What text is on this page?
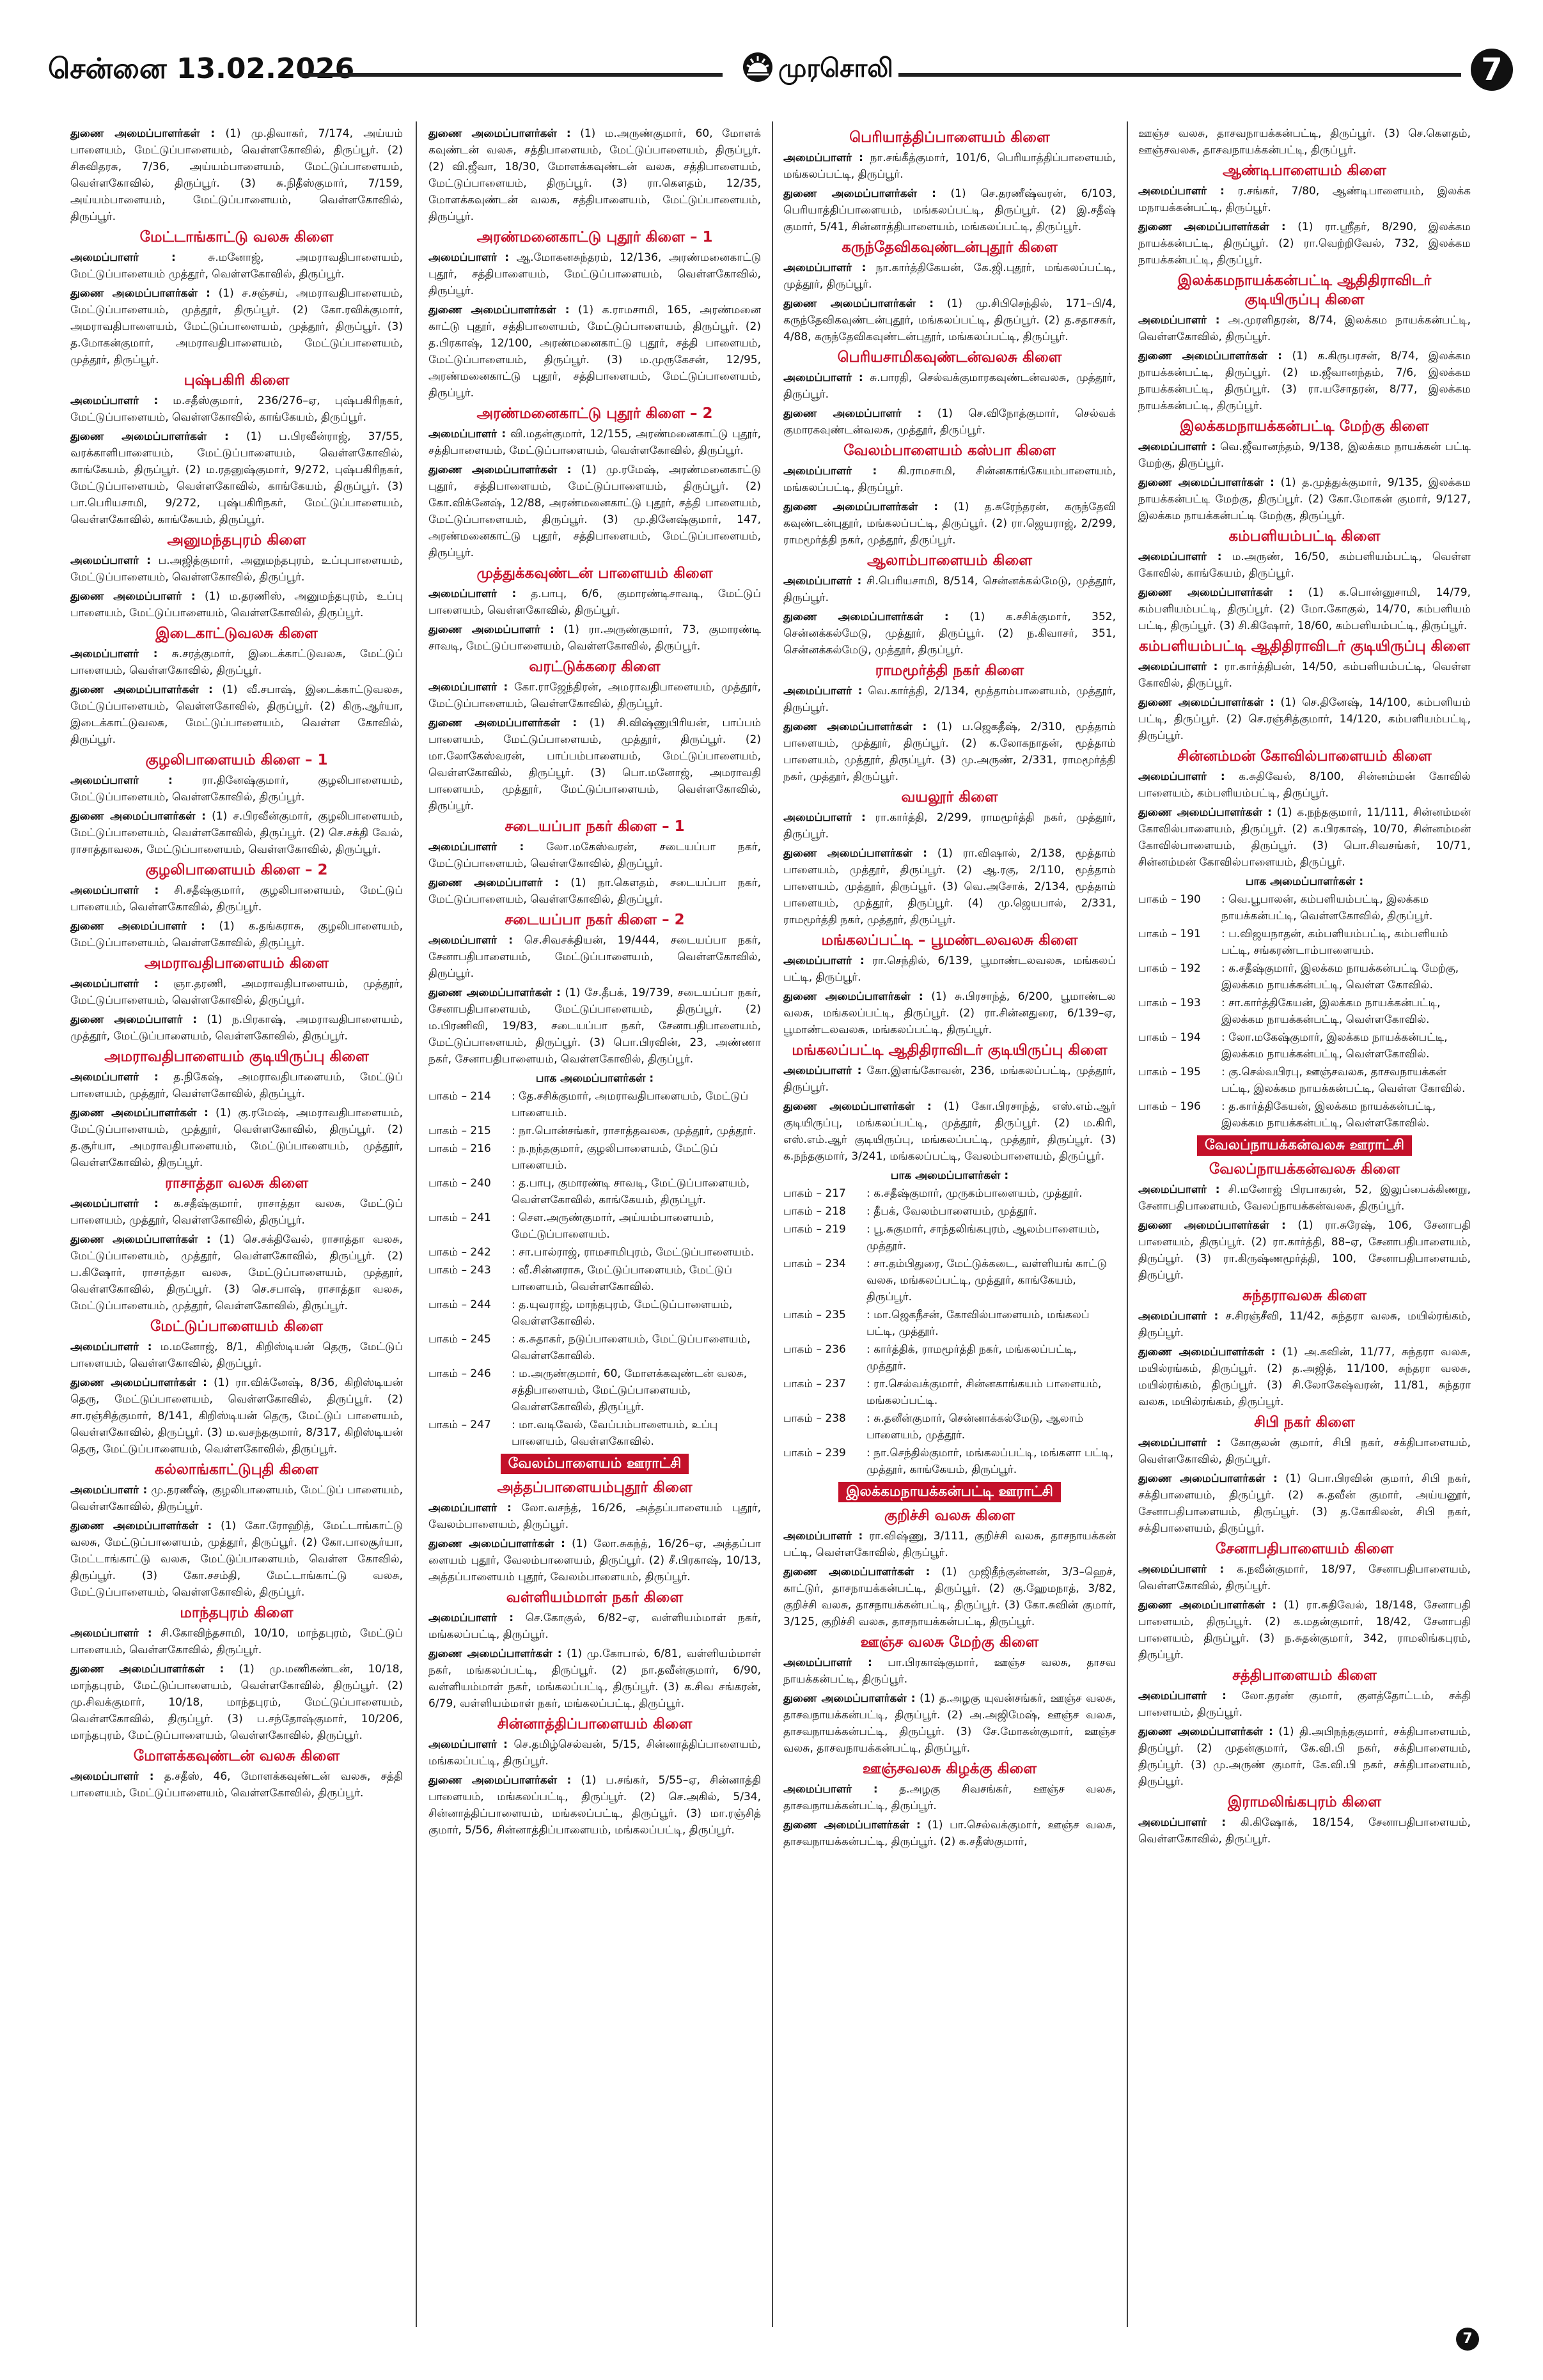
சென்னை 13.02.2026	முரசொலி	7

துணை அமைப்பாளர்கள் : (1) மு.திவாகர், 7/174, அய்யம் பாளையம், மேட்டுப்பாளையம், வெள்ளகோவில், திருப்பூர். (2) சிசுவிதரசு, 7/36, அய்யம்பாளையம், மேட்டுப்பாளையம், வெள்ளகோவில், திருப்பூர். (3) சு.நிதீஸ்குமார், 7/159, அய்யம்பாளையம், மேட்டுப்பாளையம், வெள்ளகோவில், திருப்பூர்.

மேட்டாங்காட்டு வலசு கிளை

அமைப்பாளர் :	சு.மனோஜ், அமராவதிபாளையம், மேட்டுப்பாளையம் முத்தூர், வெள்ளகோவில், திருப்பூர்.

துணை அமைப்பாளர்கள் : (1) ச.சஞ்சய், அமராவதிபாளையம், மேட்டுப்பாளையம், முத்தூர், திருப்பூர். (2) கோ.ரவிக்குமார், அமராவதிபாளையம், மேட்டுப்பாளையம், முத்தூர், திருப்பூர். (3) த.மோகன்குமார், அமராவதிபாளையம், மேட்டுப்பாளையம், முத்தூர், திருப்பூர்.

புஷ்பகிரி கிளை

அமைப்பாளர் : ம.சதீஸ்குமார், 236/276–ஏ, புஷ்பகிரிநகர், மேட்டுப்பாளையம், வெள்ளகோவில், காங்கேயம், திருப்பூர்.

துணை அமைப்பாளர்கள் : (1) ப.பிரவீன்ராஜ், 37/55, வரக்காளிபாளையம், மேட்டுப்பாளையம், வெள்ளகோவில், காங்கேயம், திருப்பூர். (2) ம.ரதனுஷ்குமார், 9/272, புஷ்பகிரிநகர், மேட்டுப்பாளையம், வெள்ளகோவில், காங்கேயம், திருப்பூர். (3) பா.பெரியசாமி, 9/272, புஷ்பகிரிநகர், மேட்டுப்பாளையம், வெள்ளகோவில், காங்கேயம், திருப்பூர்.

அனுமந்தபுரம் கிளை

அமைப்பாளர் : ப.அஜித்குமார், அனுமந்தபுரம், உப்புபாளையம், மேட்டுப்பாளையம், வெள்ளகோவில், திருப்பூர்.

துணை அமைப்பாளர் : (1) ம.தரணிஸ், அனுமந்தபுரம், உப்பு பாளையம், மேட்டுப்பாளையம், வெள்ளகோவில், திருப்பூர்.

இடைகாட்டுவலசு கிளை

அமைப்பாளர் : சு.சரத்குமார், இடைக்காட்டுவலசு, மேட்டுப் பாளையம், வெள்ளகோவில், திருப்பூர்.

துணை அமைப்பாளர்கள் : (1) வீ.சபாஷ், இடைக்காட்டுவலசு, மேட்டுப்பாளையம், வெள்ளகோவில், திருப்பூர். (2) கிரு.ஆர்யா, இடைக்காட்டுவலசு, மேட்டுப்பாளையம், வெள்ள கோவில், திருப்பூர்.

குழலிபாளையம் கிளை – 1

அமைப்பாளர் :	ரா.தினேஷ்குமார், குழலிபாளையம், மேட்டுப்பாளையம், வெள்ளகோவில், திருப்பூர்.

துணை அமைப்பாளர்கள் : (1) ச.பிரவீன்குமார், குழலிபாளையம், மேட்டுப்பாளையம், வெள்ளகோவில், திருப்பூர். (2) செ.சக்தி வேல், ராசாத்தாவலசு, மேட்டுப்பாளையம், வெள்ளகோவில், திருப்பூர்.

குழலிபாளையம் கிளை – 2

அமைப்பாளர் : சி.சதீஷ்குமார், குழலிபாளையம், மேட்டுப் பாளையம், வெள்ளகோவில், திருப்பூர்.

துணை அமைப்பாளர் : (1) க.தங்கராசு, குழலிபாளையம், மேட்டுப்பாளையம், வெள்ளகோவில், திருப்பூர்.

அமராவதிபாளையம் கிளை

அமைப்பாளர் : ஞா.தரணி, அமராவதிபாளையம், முத்தூர், மேட்டுப்பாளையம், வெள்ளகோவில், திருப்பூர்.

துணை அமைப்பாளர் : (1) ந.பிரகாஷ், அமராவதிபாளையம், முத்தூர், மேட்டுப்பாளையம், வெள்ளகோவில், திருப்பூர்.

அமராவதிபாளையம் குடியிருப்பு கிளை

அமைப்பாளர் : த.நிகேஷ், அமராவதிபாளையம், மேட்டுப் பாளையம், முத்தூர், வெள்ளகோவில், திருப்பூர்.

துணை அமைப்பாளர்கள் : (1) கு.ரமேஷ், அமராவதிபாளையம், மேட்டுப்பாளையம், முத்தூர், வெள்ளகோவில், திருப்பூர். (2) த.சூர்யா, அமராவதிபாளையம், மேட்டுப்பாளையம், முத்தூர், வெள்ளகோவில், திருப்பூர்.

ராசாத்தா வலசு கிளை

அமைப்பாளர் : க.சதீஷ்குமார், ராசாத்தா வலசு, மேட்டுப் பாளையம், முத்தூர், வெள்ளகோவில், திருப்பூர்.

துணை அமைப்பாளர்கள் : (1) செ.சக்திவேல், ராசாத்தா வலசு, மேட்டுப்பாளையம், முத்தூர், வெள்ளகோவில், திருப்பூர். (2) ப.கிஷோர், ராசாத்தா வலசு, மேட்டுப்பாளையம், முத்தூர், வெள்ளகோவில், திருப்பூர். (3) செ.சபாஷ், ராசாத்தா வலசு, மேட்டுப்பாளையம், முத்தூர், வெள்ளகோவில், திருப்பூர்.

மேட்டுப்பாளையம் கிளை

அமைப்பாளர் : ம.மனோஜ், 8/1, கிறிஸ்டியன் தெரு, மேட்டுப் பாளையம், வெள்ளகோவில், திருப்பூர்.

துணை அமைப்பாளர்கள் : (1) ரா.விக்னேஷ், 8/36, கிறிஸ்டியன் தெரு, மேட்டுப்பாளையம், வெள்ளகோவில், திருப்பூர். (2) சா.ரஞ்சித்குமார், 8/141, கிறிஸ்டியன் தெரு, மேட்டுப் பாளையம், வெள்ளகோவில், திருப்பூர். (3) ம.வசந்தகுமார், 8/317, கிறிஸ்டியன் தெரு, மேட்டுப்பாளையம், வெள்ளகோவில், திருப்பூர்.

கல்லாங்காட்டுபுதி கிளை

அமைப்பாளர் : மு.தரணீஷ், குழலிபாளையம், மேட்டுப் பாளையம், வெள்ளகோவில், திருப்பூர்.

துணை அமைப்பாளர்கள் : (1) கோ.ரோஹித், மேட்டாங்காட்டு வலசு, மேட்டுப்பாளையம், முத்தூர், திருப்பூர். (2) கோ.பாலசூர்யா, மேட்டாங்காட்டு வலசு, மேட்டுப்பாளையம், வெள்ள கோவில், திருப்பூர். (3) கோ.சசம்தி, மேட்டாங்காட்டு வலசு, மேட்டுப்பாளையம், வெள்ளகோவில், திருப்பூர்.

மாந்தபுரம் கிளை

அமைப்பாளர் : சி.கோவிந்தசாமி, 10/10, மாந்தபுரம், மேட்டுப் பாளையம், வெள்ளகோவில், திருப்பூர்.

துணை அமைப்பாளர்கள் : (1) மு.மணிகண்டன், 10/18, மாந்தபுரம், மேட்டுப்பாளையம், வெள்ளகோவில், திருப்பூர். (2) மு.சிவக்குமார், 10/18, மாந்தபுரம், மேட்டுப்பாளையம், வெள்ளகோவில், திருப்பூர். (3) ப.சந்தோஷ்குமார், 10/206, மாந்தபுரம், மேட்டுப்பாளையம், வெள்ளகோவில், திருப்பூர்.

மோளக்கவுண்டன் வலசு கிளை

அமைப்பாளர் : த.சதீஸ், 46, மோளக்கவுண்டன் வலசு, சத்தி பாளையம், மேட்டுப்பாளையம், வெள்ளகோவில், திருப்பூர்.

துணை அமைப்பாளர்கள் : (1) ம.அருண்குமார், 60, மோளக் கவுண்டன் வலசு, சத்திபாளையம், மேட்டுப்பாளையம், திருப்பூர். (2) வி.ஜீவா, 18/30, மோளக்கவுண்டன் வலசு, சத்திபாளையம், மேட்டுப்பாளையம், திருப்பூர். (3) ரா.கௌதம், 12/35, மோளக்கவுண்டன் வலசு, சத்திபாளையம், மேட்டுப்பாளையம், திருப்பூர்.

அரண்மனைகாட்டு புதூர் கிளை – 1

அமைப்பாளர் : ஆ.மோகனசுந்தரம், 12/136, அரண்மனைகாட்டு புதூர், சத்திபாளையம், மேட்டுப்பாளையம், வெள்ளகோவில், திருப்பூர்.

துணை அமைப்பாளர்கள் : (1) க.ராமசாமி, 165, அரண்மனை காட்டு புதூர், சத்திபாளையம், மேட்டுப்பாளையம், திருப்பூர். (2) த.பிரகாஷ், 12/100, அரண்மனைகாட்டு புதூர், சத்தி பாளையம், மேட்டுப்பாளையம், திருப்பூர். (3) ம.முருகேசன், 12/95, அரண்மனைகாட்டு புதூர், சத்திபாளையம், மேட்டுப்பாளையம், திருப்பூர்.

அரண்மனைகாட்டு புதூர் கிளை – 2

அமைப்பாளர் : வி.மதன்குமார், 12/155, அரண்மனைகாட்டு புதூர், சத்திபாளையம், மேட்டுப்பாளையம், வெள்ளகோவில், திருப்பூர்.

துணை அமைப்பாளர்கள் : (1) மு.ரமேஷ், அரண்மனைகாட்டு புதூர், சத்திபாளையம், மேட்டுப்பாளையம், திருப்பூர். (2) கோ.விக்னேஷ், 12/88, அரண்மனைகாட்டு புதூர், சத்தி பாளையம், மேட்டுப்பாளையம், திருப்பூர். (3) மு.தினேஷ்குமார், 147, அரண்மனைகாட்டு புதூர், சத்திபாளையம், மேட்டுப்பாளையம், திருப்பூர்.

முத்துக்கவுண்டன் பாளையம் கிளை

அமைப்பாளர் : த.பாபு, 6/6, குமாரண்டிசாவடி, மேட்டுப் பாளையம், வெள்ளகோவில், திருப்பூர்.

துணை அமைப்பாளர் : (1) ரா.அருண்குமார், 73, குமாரண்டி சாவடி, மேட்டுப்பாளையம், வெள்ளகோவில், திருப்பூர்.

வரட்டுக்கரை கிளை

அமைப்பாளர் : கோ.ராஜேந்திரன், அமராவதிபாளையம், முத்தூர், மேட்டுப்பாளையம், வெள்ளகோவில், திருப்பூர்.

துணை அமைப்பாளர்கள் : (1) சி.விஷ்ணுபிரியன், பாப்பம் பாளையம், மேட்டுப்பாளையம், முத்தூர், திருப்பூர். (2) மா.லோகேஸ்வரன், பாப்பம்பாளையம், மேட்டுப்பாளையம், வெள்ளகோவில், திருப்பூர். (3) பொ.மனோஜ், அமராவதி பாளையம், முத்தூர், மேட்டுப்பாளையம், வெள்ளகோவில், திருப்பூர்.

சடையப்பா நகர் கிளை – 1

அமைப்பாளர் : லோ.மகேஸ்வரன், சடையப்பா நகர், மேட்டுப்பாளையம், வெள்ளகோவில், திருப்பூர்.

துணை அமைப்பாளர் : (1) நா.கௌதம், சடையப்பா நகர், மேட்டுப்பாளையம், வெள்ளகோவில், திருப்பூர்.

சடையப்பா நகர் கிளை – 2

அமைப்பாளர் : செ.சிவசக்தியன், 19/444, சடையப்பா நகர், சேனாபதிபாளையம், மேட்டுப்பாளையம், வெள்ளகோவில், திருப்பூர்.

துணை அமைப்பாளர்கள் : (1) சே.தீபக், 19/739, சடையப்பா நகர், சேனாபதிபாளையம், மேட்டுப்பாளையம், திருப்பூர். (2) ம.பிரணிவி, 19/83, சடையப்பா நகர், சேனாபதிபாளையம், மேட்டுப்பாளையம், திருப்பூர். (3) பொ.பிரவின், 23, அண்ணா நகர், சேனாபதிபாளையம், வெள்ளகோவில், திருப்பூர்.

பாக அமைப்பாளர்கள் :
பாகம் – 214	: தே.சசிக்குமார், அமராவதிபாளையம், மேட்டுப் பாளையம்.
பாகம் – 215	: நா.பொன்சங்கர், ராசாத்தவலசு, முத்தூர், முத்தூர்.
பாகம் – 216	: ந.நந்தகுமார், குழலிபாளையம், மேட்டுப் பாளையம்.
பாகம் – 240	: த.பாபு, குமாரண்டி சாவடி, மேட்டுப்பாளையம், வெள்ளகோவில், காங்கேயம், திருப்பூர்.
பாகம் – 241	: சௌ.அருண்குமார், அய்யம்பாளையம், மேட்டுப்பாளையம்.
பாகம் – 242	: சா.பால்ராஜ், ராமசாமிபுரம், மேட்டுப்பாளையம்.
பாகம் – 243	: வீ.சின்னராசு, மேட்டுப்பாளையம், மேட்டுப் பாளையம், வெள்ளகோவில்.
பாகம் – 244	: த.யுவராஜ், மாந்தபுரம், மேட்டுப்பாளையம், வெள்ளகோவில்.
பாகம் – 245	: க.சுதாகர், நடுப்பாளையம், மேட்டுப்பாளையம், வெள்ளகோவில்.
பாகம் – 246	: ம.அருண்குமார், 60, மோளக்கவுண்டன் வலசு, சத்திபாளையம், மேட்டுப்பாளையம், வெள்ளகோவில், திருப்பூர்.
பாகம் – 247	: மா.வடிவேல், வேப்பம்பாளையம், உப்பு பாளையம், வெள்ளகோவில்.
வேலம்பாளையம் ஊராட்சி
அத்தப்பாளையம்புதூர் கிளை

அமைப்பாளர் : லோ.வசந்த், 16/26, அத்தப்பாளையம் புதூர், வேலம்பாளையம், திருப்பூர்.

துணை அமைப்பாளர்கள் : (1) லோ.சுகந்த், 16/26–ஏ, அத்தப்பா ளையம் புதூர், வேலம்பாளையம், திருப்பூர். (2) சீ.பிரகாஷ், 10/13, அத்தப்பாளையம் புதூர், வேலம்பாளையம், திருப்பூர்.

வள்ளியம்மாள் நகர் கிளை

அமைப்பாளர் : செ.கோகுல், 6/82–ஏ, வள்ளியம்மாள் நகர், மங்கலப்பட்டி, திருப்பூர்.

துணை அமைப்பாளர்கள் : (1) மு.கோபால், 6/81, வள்ளியம்மாள் நகர், மங்கலப்பட்டி, திருப்பூர். (2) நா.தவீன்குமார், 6/90, வள்ளியம்மாள் நகர், மங்கலப்பட்டி, திருப்பூர். (3) க.சிவ சங்கரன், 6/79, வள்ளியம்மாள் நகர், மங்கலப்பட்டி, திருப்பூர்.

சின்னாத்திப்பாளையம் கிளை

அமைப்பாளர் : செ.தமிழ்செல்வன், 5/15, சின்னாத்திப்பாளையம், மங்கலப்பட்டி, திருப்பூர்.

துணை அமைப்பாளர்கள் : (1) ப.சங்கர், 5/55–ஏ, சின்னாத்தி பாளையம், மங்கலப்பட்டி, திருப்பூர். (2) செ.அகில், 5/34, சின்னாத்திப்பாளையம், மங்கலப்பட்டி, திருப்பூர். (3) மா.ரஞ்சித் குமார், 5/56, சின்னாத்திப்பாளையம், மங்கலப்பட்டி, திருப்பூர்.

பெரியாத்திப்பாளையம் கிளை

அமைப்பாளர் : நா.சங்கீத்குமார், 101/6, பெரியாத்திப்பாளையம், மங்கலப்பட்டி, திருப்பூர்.

துணை அமைப்பாளர்கள் : (1) செ.தரணீஷ்வரன், 6/103, பெரியாத்திப்பாளையம், மங்கலப்பட்டி, திருப்பூர். (2) இ.சதீஷ் குமார், 5/41, சின்னாத்திபாளையம், மங்கலப்பட்டி, திருப்பூர்.

கருந்தேவிகவுண்டன்புதூர் கிளை

அமைப்பாளர் : நா.கார்த்திகேயன், கே.ஜி.புதூர், மங்கலப்பட்டி, முத்தூர், திருப்பூர்.

துணை அமைப்பாளர்கள் : (1) மு.சிபிசெந்தில், 171–பி/4, கருந்தேவிகவுண்டன்புதூர், மங்கலப்பட்டி, திருப்பூர். (2) த.சதாசகர், 4/88, கருந்தேவிகவுண்டன்புதூர், மங்கலப்பட்டி, திருப்பூர்.

பெரியசாமிகவுண்டன்வலசு கிளை

அமைப்பாளர் : சு.பாரதி, செல்வக்குமாரகவுண்டன்வலசு, முத்தூர், திருப்பூர்.

துணை அமைப்பாளர் : (1) செ.விநோத்குமார், செல்வக் குமாரகவுண்டன்வலசு, முத்தூர், திருப்பூர்.

வேலம்பாளையம் கஸ்பா கிளை

அமைப்பாளர் : கி.ராமசாமி, சின்னகாங்கேயம்பாளையம், மங்கலப்பட்டி, திருப்பூர்.

துணை அமைப்பாளர்கள் : (1) த.சுரேந்தரன், கருந்தேவி கவுண்டன்புதூர், மங்கலப்பட்டி, திருப்பூர். (2) ரா.ஜெயராஜ், 2/299, ராமமூர்த்தி நகர், முத்தூர், திருப்பூர்.

ஆலாம்பாளையம் கிளை

அமைப்பாளர் : சி.பெரியசாமி, 8/514, சென்னக்கல்மேடு, முத்தூர், திருப்பூர்.

துணை அமைப்பாளர்கள் : (1) க.சசிக்குமார், 352, சென்னக்கல்மேடு, முத்தூர், திருப்பூர். (2) ந.கிவாசர், 351, சென்னக்கல்மேடு, முத்தூர், திருப்பூர்.

ராமமூர்த்தி நகர் கிளை

அமைப்பாளர் : வெ.கார்த்தி, 2/134, மூத்தாம்பாளையம், முத்தூர், திருப்பூர்.

துணை அமைப்பாளர்கள் : (1) ப.ஜெகதீஷ், 2/310, மூத்தாம் பாளையம், முத்தூர், திருப்பூர். (2) க.லோகநாதன், மூத்தாம் பாளையம், முத்தூர், திருப்பூர். (3) மு.அருண், 2/331, ராமமூர்த்தி நகர், முத்தூர், திருப்பூர்.

வயலூர் கிளை

அமைப்பாளர் : ரா.கார்த்தி, 2/299, ராமமூர்த்தி நகர், முத்தூர், திருப்பூர்.

துணை அமைப்பாளர்கள் : (1) ரா.விஷால், 2/138, மூத்தாம் பாளையம், முத்தூர், திருப்பூர். (2) ஆ.ரகு, 2/110, மூத்தாம் பாளையம், முத்தூர், திருப்பூர். (3) வெ.அசோக், 2/134, மூத்தாம் பாளையம், முத்தூர், திருப்பூர். (4) மு.ஜெயபால், 2/331, ராமமூர்த்தி நகர், முத்தூர், திருப்பூர்.

மங்கலப்பட்டி – பூமண்டலவலசு கிளை

அமைப்பாளர் : ரா.செந்தில், 6/139, பூமாண்டலவலசு, மங்கலப் பட்டி, திருப்பூர்.

துணை அமைப்பாளர்கள் : (1) சு.பிரசாந்த், 6/200, பூமாண்டல வலசு, மங்கலப்பட்டி, திருப்பூர். (2) ரா.சின்னதுரை, 6/139–ஏ, பூமாண்டலவலசு, மங்கலப்பட்டி, திருப்பூர்.

மங்கலப்பட்டி ஆதிதிராவிடர் குடியிருப்பு கிளை

அமைப்பாளர் : கோ.இளங்கோவன், 236, மங்கலப்பட்டி, முத்தூர், திருப்பூர்.

துணை அமைப்பாளர்கள் : (1) கோ.பிரசாந்த், எஸ்.எம்.ஆர் குடியிருப்பு, மங்கலப்பட்டி, முத்தூர், திருப்பூர். (2) ம.கிரி, எஸ்.எம்.ஆர் குடியிருப்பு, மங்கலப்பட்டி, முத்தூர், திருப்பூர். (3) க.நந்தகுமார், 3/241, மங்கலப்பட்டி, வேலம்பாளையம், திருப்பூர்.

பாக அமைப்பாளர்கள் :
பாகம் – 217	: க.சதீஷ்குமார், முருகம்பாளையம், முத்தூர்.
பாகம் – 218	: தீபக், வேலம்பாளையம், முத்தூர்.
பாகம் – 219	: பூ.சுகுமார், சாந்தலிங்கபுரம், ஆலம்பாளையம், முத்தூர்.
பாகம் – 234	: சா.தம்பிதுரை, மேட்டுக்கடை, வள்ளியங் காட்டு வலசு, மங்கலப்பட்டி, முத்தூர், காங்கேயம், திருப்பூர்.
பாகம் – 235	: மா.ஜெகநீசன், கோவில்பாளையம், மங்கலப் பட்டி, முத்தூர்.
பாகம் – 236	: கார்த்திக், ராமமூர்த்தி நகர், மங்கலப்பட்டி, முத்தூர்.
பாகம் – 237	: ரா.செல்வக்குமார், சின்னகாங்கயம் பாளையம், மங்கலப்பட்டி.
பாகம் – 238	: சு.தனீன்குமார், சென்னாக்கல்மேடு, ஆலாம் பாளையம், முத்தூர்.
பாகம் – 239	: நா.செந்தில்குமார், மங்கலப்பட்டி, மங்களா பட்டி, முத்தூர், காங்கேயம், திருப்பூர்.
இலக்கமநாயக்கன்பட்டி ஊராட்சி
குறிச்சி வலசு கிளை

அமைப்பாளர் : ரா.விஷ்ணு, 3/111, குறிச்சி வலசு, தாசநாயக்கன் பட்டி, வெள்ளகோவில், திருப்பூர்.

துணை அமைப்பாளர்கள் : (1) முஜிதீந்குன்னன், 3/3–ஹெச், காட்டுர், தாசநாயக்கன்பட்டி, திருப்பூர். (2) கு.ஹேமநாத், 3/82, குறிச்சி வலசு, தாசநாயக்கன்பட்டி, திருப்பூர். (3) கோ.சுவின் குமார், 3/125, குறிச்சி வலசு, தாசநாயக்கன்பட்டி, திருப்பூர்.

ஊஞ்ச வலசு மேற்கு கிளை

அமைப்பாளர் : பா.பிரகாஷ்குமார், ஊஞ்ச வலசு, தாசவ நாயக்கன்பட்டி, திருப்பூர்.

துணை அமைப்பாளர்கள் : (1) த.அழகு யுவன்சங்கர், ஊஞ்ச வலசு, தாசவநாயக்கன்பட்டி, திருப்பூர். (2) அ.அஜிமேஷ், ஊஞ்ச வலசு, தாசவநாயக்கன்பட்டி, திருப்பூர். (3) சே.மோகன்குமார், ஊஞ்ச வலசு, தாசவநாயக்கன்பட்டி, திருப்பூர்.

ஊஞ்சவலசு கிழக்கு கிளை

அமைப்பாளர் : த.அழகு சிவசங்கர், ஊஞ்ச வலசு, தாசவநாயக்கன்பட்டி, திருப்பூர்.

துணை அமைப்பாளர்கள் : (1) பா.செல்வக்குமார், ஊஞ்ச வலசு, தாசவநாயக்கன்பட்டி, திருப்பூர். (2) க.சதீஸ்குமார்,

ஊஞ்ச வலசு, தாசவநாயக்கன்பட்டி, திருப்பூர். (3) செ.கௌதம், ஊஞ்சவலசு, தாசவநாயக்கன்பட்டி, திருப்பூர்.

ஆண்டிபாளையம் கிளை

அமைப்பாளர் : ர.சங்கர், 7/80, ஆண்டிபாளையம், இலக்க மநாயக்கன்பட்டி, திருப்பூர்.

துணை அமைப்பாளர்கள் : (1) ரா.ஸ்ரீதர், 8/290, இலக்கம நாயக்கன்பட்டி, திருப்பூர். (2) ரா.வெற்றிவேல், 732, இலக்கம நாயக்கன்பட்டி, திருப்பூர்.

இலக்கமநாயக்கன்பட்டி ஆதிதிராவிடர் குடியிருப்பு கிளை

அமைப்பாளர் : அ.முரளிதரன், 8/74, இலக்கம நாயக்கன்பட்டி, வெள்ளகோவில், திருப்பூர்.

துணை அமைப்பாளர்கள் : (1) க.கிருபரசன், 8/74, இலக்கம நாயக்கன்பட்டி, திருப்பூர். (2) ம.ஜீவானந்தம், 7/6, இலக்கம நாயக்கன்பட்டி, திருப்பூர். (3) ரா.யசோதரன், 8/77, இலக்கம நாயக்கன்பட்டி, திருப்பூர்.

இலக்கமநாயக்கன்பட்டி மேற்கு கிளை

அமைப்பாளர் : வெ.ஜீவானந்தம், 9/138, இலக்கம நாயக்கன் பட்டி மேற்கு, திருப்பூர்.

துணை அமைப்பாளர்கள் : (1) த.முத்துக்குமார், 9/135, இலக்கம நாயக்கன்பட்டி மேற்கு, திருப்பூர். (2) கோ.மோகன் குமார், 9/127, இலக்கம நாயக்கன்பட்டி மேற்கு, திருப்பூர்.

கம்பளியம்பட்டி கிளை

அமைப்பாளர் : ம.அருண், 16/50, கம்பளியம்பட்டி, வெள்ள கோவில், காங்கேயம், திருப்பூர்.

துணை அமைப்பாளர்கள் : (1) க.பொன்னுசாமி, 14/79, கம்பளியம்பட்டி, திருப்பூர். (2) மோ.கோகுல், 14/70, கம்பளியம் பட்டி, திருப்பூர். (3) சி.கிஷோர், 18/60, கம்பளியம்பட்டி, திருப்பூர்.

கம்பளியம்பட்டி ஆதிதிராவிடர் குடியிருப்பு கிளை

அமைப்பாளர் : ரா.கார்த்திபன், 14/50, கம்பளியம்பட்டி, வெள்ள கோவில், திருப்பூர்.

துணை அமைப்பாளர்கள் : (1) செ.தினேஷ், 14/100, கம்பளியம் பட்டி, திருப்பூர். (2) செ.ரஞ்சித்குமார், 14/120, கம்பளியம்பட்டி, திருப்பூர்.

சின்னம்மன் கோவில்பாளையம் கிளை

அமைப்பாளர் : க.சுதிவேல், 8/100, சின்னம்மன் கோவில் பாளையம், கம்பளியம்பட்டி, திருப்பூர்.

துணை அமைப்பாளர்கள் : (1) க.நந்தகுமார், 11/111, சின்னம்மன் கோவில்பாளையம், திருப்பூர். (2) க.பிரகாஷ், 10/70, சின்னம்மன் கோவில்பாளையம், திருப்பூர். (3) பொ.சிவசங்கர், 10/71, சின்னம்மன் கோவில்பாளையம், திருப்பூர்.

பாக அமைப்பாளர்கள் :
பாகம் – 190	: வெ.பூபாலன், கம்பளியம்பட்டி, இலக்கம நாயக்கன்பட்டி, வெள்ளகோவில், திருப்பூர்.
பாகம் – 191	: ப.விஜயநாதன், கம்பளியம்பட்டி, கம்பளியம் பட்டி, சங்கரண்டாம்பாளையம்.
பாகம் – 192	: க.சதீஷ்குமார், இலக்கம நாயக்கன்பட்டி மேற்கு, இலக்கம நாயக்கன்பட்டி, வெள்ள கோவில்.
பாகம் – 193	: சா.கார்த்திகேயன், இலக்கம நாயக்கன்பட்டி, இலக்கம நாயக்கன்பட்டி, வெள்ளகோவில்.
பாகம் – 194	: லோ.மகேஷ்குமார், இலக்கம நாயக்கன்பட்டி, இலக்கம நாயக்கன்பட்டி, வெள்ளகோவில்.
பாகம் – 195	: கு.செல்வபிரபு, ஊஞ்சவலசு, தாசவநாயக்கன் பட்டி, இலக்கம நாயக்கன்பட்டி, வெள்ள கோவில்.
பாகம் – 196	: த.கார்த்திகேயன், இலக்கம நாயக்கன்பட்டி, இலக்கம நாயக்கன்பட்டி, வெள்ளகோவில்.
வேலப்நாயக்கன்வலசு ஊராட்சி
வேலப்நாயக்கன்வலசு கிளை

அமைப்பாளர் : சி.மனோஜ் பிரபாகரன், 52, இலுப்பைக்கிணறு, சேனாபதிபாளையம், வேலப்நாயக்கன்வலசு, திருப்பூர்.

துணை அமைப்பாளர்கள் : (1) ரா.சுரேஷ், 106, சேனாபதி பாளையம், திருப்பூர். (2) ரா.கார்த்தி, 88–ஏ, சேனாபதிபாளையம், திருப்பூர். (3) ரா.கிருஷ்ணமூர்த்தி, 100, சேனாபதிபாளையம், திருப்பூர்.

சுந்தராவலசு கிளை

அமைப்பாளர் : ச.சிரஞ்சீவி, 11/42, சுந்தரா வலசு, மயில்ரங்கம், திருப்பூர்.

துணை அமைப்பாளர்கள் : (1) அ.கவின், 11/77, சுந்தரா வலசு, மயில்ரங்கம், திருப்பூர். (2) த.அஜித், 11/100, சுந்தரா வலசு, மயில்ரங்கம், திருப்பூர். (3) சி.லோகேஷ்வரன், 11/81, சுந்தரா வலசு, மயில்ரங்கம், திருப்பூர்.

சிபி நகர் கிளை

அமைப்பாளர் : கோகுலன் குமார், சிபி நகர், சக்திபாளையம், வெள்ளகோவில், திருப்பூர்.

துணை அமைப்பாளர்கள் : (1) பொ.பிரவின் குமார், சிபி நகர், சக்திபாளையம், திருப்பூர். (2) சு.தவீன் குமார், அய்யனூர், சேனாபதிபாளையம், திருப்பூர். (3) த.கோகிலன், சிபி நகர், சக்திபாளையம், திருப்பூர்.

சேனாபதிபாளையம் கிளை

அமைப்பாளர் : க.நவீன்குமார், 18/97, சேனாபதிபாளையம், வெள்ளகோவில், திருப்பூர்.

துணை அமைப்பாளர்கள் : (1) ரா.சுதிவேல், 18/148, சேனாபதி பாளையம், திருப்பூர். (2) க.மதன்குமார், 18/42, சேனாபதி பாளையம், திருப்பூர். (3) ந.சுதன்குமார், 342, ராமலிங்கபுரம், திருப்பூர்.

சத்திபாளையம் கிளை

அமைப்பாளர் : லோ.தரண் குமார், குளத்தோட்டம், சக்தி பாளையம், திருப்பூர்.

துணை அமைப்பாளர்கள் : (1) தி.அபிநந்தகுமார், சக்திபாளையம், திருப்பூர். (2) முதன்குமார், கே.வி.பி நகர், சக்திபாளையம், திருப்பூர். (3) மு.அருண் குமார், கே.வி.பி நகர், சக்திபாளையம், திருப்பூர்.

இராமலிங்கபுரம் கிளை

அமைப்பாளர் : கி.கிஷோக், 18/154, சேனாபதிபாளையம், வெள்ளகோவில், திருப்பூர்.

7
